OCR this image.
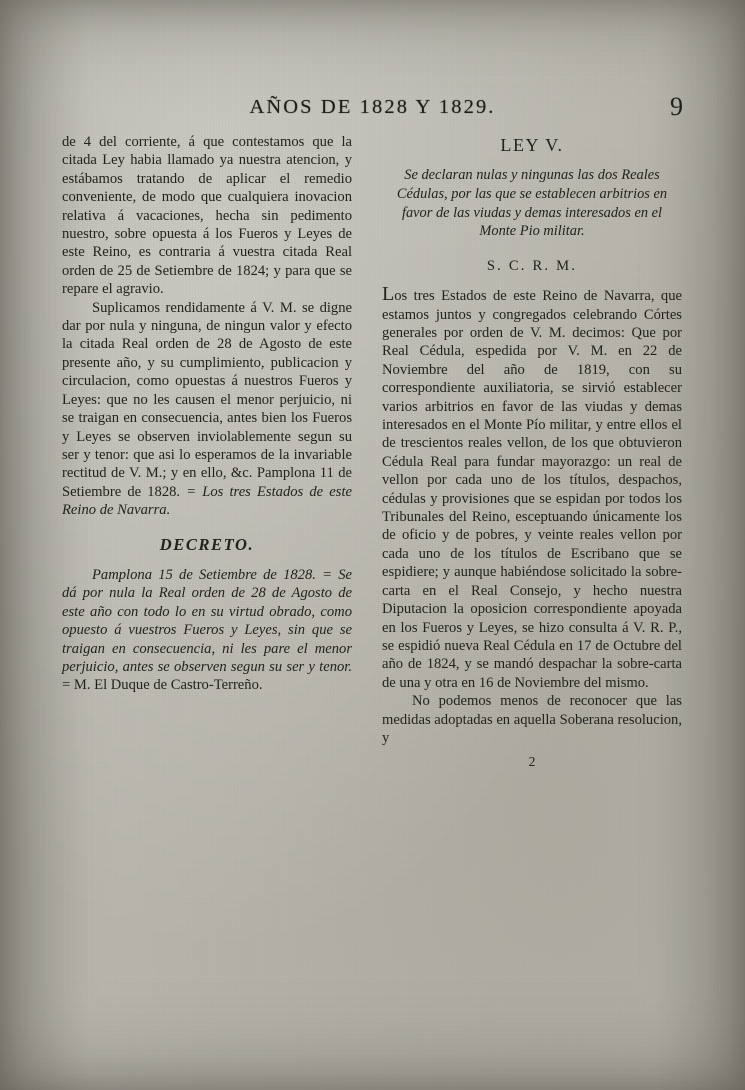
AÑOS DE 1828 Y 1829.	9

de 4 del corriente, á que contestamos que la citada Ley habia llamado ya nuestra atencion, y estábamos tratando de aplicar el remedio conveniente, de modo que cualquiera inovacion relativa á vacaciones, hecha sin pedimento nuestro, sobre opuesta á los Fueros y Leyes de este Reino, es contraria á vuestra citada Real orden de 25 de Setiembre de 1824; y para que se repare el agravio.

Suplicamos rendidamente á V. M. se digne dar por nula y ninguna, de ningun valor y efecto la citada Real orden de 28 de Agosto de este presente año, y su cumplimiento, publicacion y circulacion, como opuestas á nuestros Fueros y Leyes: que no les causen el menor perjuicio, ni se traigan en consecuencia, antes bien los Fueros y Leyes se observen inviolablemente segun su ser y tenor: que asi lo esperamos de la invariable rectitud de V. M.; y en ello, &c. Pamplona 11 de Setiembre de 1828. = Los tres Estados de este Reino de Navarra.

DECRETO.

Pamplona 15 de Setiembre de 1828. = Se dá por nula la Real orden de 28 de Agosto de este año con todo lo en su virtud obrado, como opuesto á vuestros Fueros y Leyes, sin que se traigan en consecuencia, ni les pare el menor perjuicio, antes se observen segun su ser y tenor. = M. El Duque de Castro-Terreño.

LEY V.
Se declaran nulas y ningunas las dos Reales Cédulas, por las que se establecen arbitrios en favor de las viudas y demas interesados en el Monte Pio militar.
S. C. R. M.

Los tres Estados de este Reino de Navarra, que estamos juntos y congregados celebrando Córtes generales por orden de V. M. decimos: Que por Real Cédula, espedida por V. M. en 22 de Noviembre del año de 1819, con su correspondiente auxiliatoria, se sirvió establecer varios arbitrios en favor de las viudas y demas interesados en el Monte Pío militar, y entre ellos el de trescientos reales vellon, de los que obtuvieron Cédula Real para fundar mayorazgo: un real de vellon por cada uno de los títulos, despachos, cédulas y provisiones que se espidan por todos los Tribunales del Reino, esceptuando únicamente los de oficio y de pobres, y veinte reales vellon por cada uno de los títulos de Escribano que se espidiere; y aunque habiéndose solicitado la sobre-carta en el Real Consejo, y hecho nuestra Diputacion la oposicion correspondiente apoyada en los Fueros y Leyes, se hizo consulta á V. R. P., se espidió nueva Real Cédula en 17 de Octubre del año de 1824, y se mandó despachar la sobre-carta de una y otra en 16 de Noviembre del mismo.

No podemos menos de reconocer que las medidas adoptadas en aquella Soberana resolucion, y

2
